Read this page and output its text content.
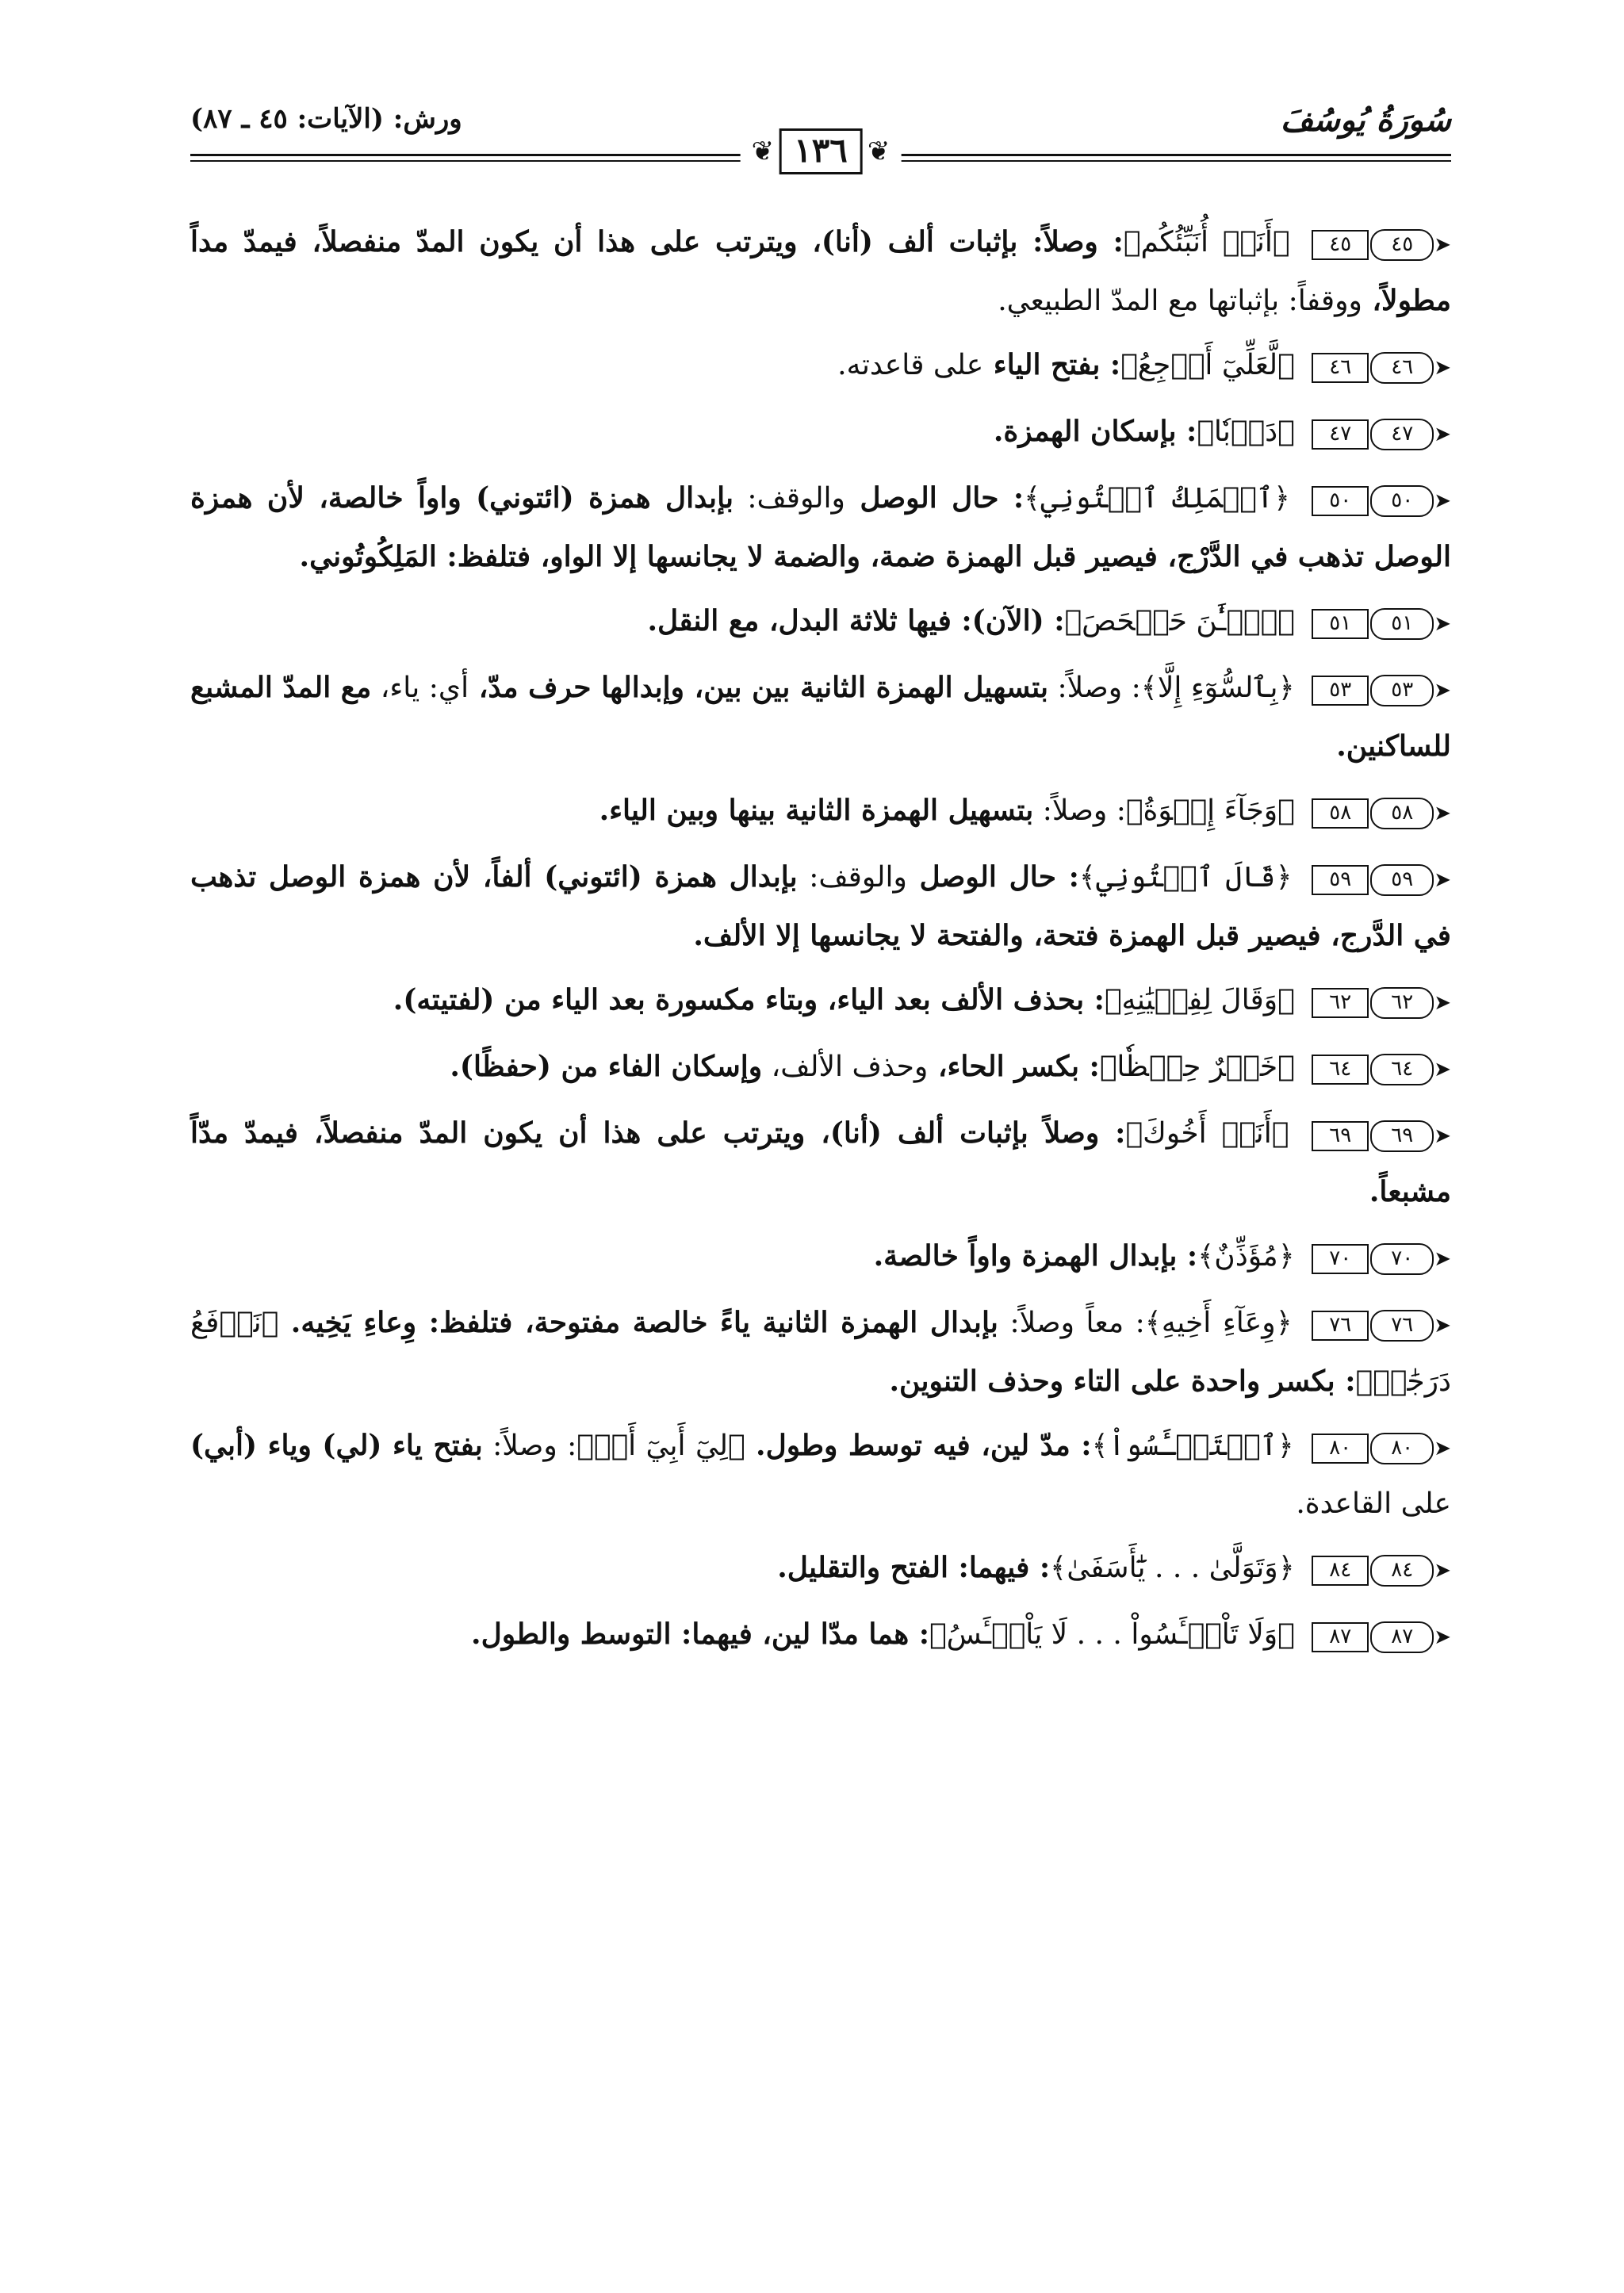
سُورَةُ يُوسُفَ
ورش: (الآيات: ٤٥ ـ ٨٧)
❦
١٣٦
❦

➤٤٥٤٥ ﴿أَنَا۠ أُنَبِّئُكُم﴾: وصلاً: بإثبات ألف (أنا)، ويترتب على هذا أن يكون المدّ منفصلاً، فيمدّ مداً مطولاً، ووقفاً: بإثباتها مع المدّ الطبيعي.

➤٤٦٤٦ ﴿لَّعَلِّيٓ أَرۡجِعُ﴾: بفتح الياء على قاعدته.

➤٤٧٤٧ ﴿دَأۡبٗا﴾: بإسكان الهمزة.

➤٥٠٥٠ ﴿ٱلۡمَلِكُ ٱئۡتُونِي﴾: حال الوصل والوقف: بإبدال همزة (ائتوني) واواً خالصة، لأن همزة الوصل تذهب في الدَّرْج، فيصير قبل الهمزة ضمة، والضمة لا يجانسها إلا الواو، فتلفظ: المَلِكُوتُوني.

➤٥١٥١ ﴿ٱلۡـَٰٔنَ حَصۡحَصَ﴾: (الآن): فيها ثلاثة البدل، مع النقل.

➤٥٣٥٣ ﴿بِٱلسُّوٓءِ إِلَّا﴾: وصلاً: بتسهيل الهمزة الثانية بين بين، وإبدالها حرف مدّ، أي: ياء، مع المدّ المشبع للساكنين.

➤٥٨٥٨ ﴿وَجَآءَ إِخۡوَةُ﴾: وصلاً: بتسهيل الهمزة الثانية بينها وبين الياء.

➤٥٩٥٩ ﴿قَالَ ٱئۡتُونِي﴾: حال الوصل والوقف: بإبدال همزة (ائتوني) ألفاً، لأن همزة الوصل تذهب في الدَّرج، فيصير قبل الهمزة فتحة، والفتحة لا يجانسها إلا الألف.

➤٦٢٦٢ ﴿وَقَالَ لِفِتۡيَٰنِهِ﴾: بحذف الألف بعد الياء، وبتاء مكسورة بعد الياء من (لفتيته).

➤٦٤٦٤ ﴿خَيۡرٌ حِفۡظٗا﴾: بكسر الحاء، وحذف الألف، وإسكان الفاء من (حفظًا).

➤٦٩٦٩ ﴿أَنَا۠ أَخُوكَ﴾: وصلاً بإثبات ألف (أنا)، ويترتب على هذا أن يكون المدّ منفصلاً، فيمدّ مدّاً مشبعاً.

➤٧٠٧٠ ﴿مُؤَذِّنٌ﴾: بإبدال الهمزة واواً خالصة.

➤٧٦٧٦ ﴿وِعَآءِ أَخِيهِ﴾: معاً وصلاً: بإبدال الهمزة الثانية ياءً خالصة مفتوحة، فتلفظ: وِعاءِ يَخِيه. ﴿نَرۡفَعُ دَرَجَٰتٖ﴾: بكسر واحدة على التاء وحذف التنوين.

➤٨٠٨٠ ﴿ٱسۡتَيۡـَٔسُواْ﴾: مدّ لين، فيه توسط وطول. ﴿لِيٓ أَبِيٓ أَوۡ﴾: وصلاً: بفتح ياء (لي) وياء (أبي) على القاعدة.

➤٨٤٨٤ ﴿وَتَوَلَّىٰ . . . يَٰٓأَسَفَىٰ﴾: فيهما: الفتح والتقليل.

➤٨٧٨٧ ﴿وَلَا تَاْيۡـَٔسُواْ . . . لَا يَاْيۡـَٔسُ﴾: هما مدّا لين، فيهما: التوسط والطول.
